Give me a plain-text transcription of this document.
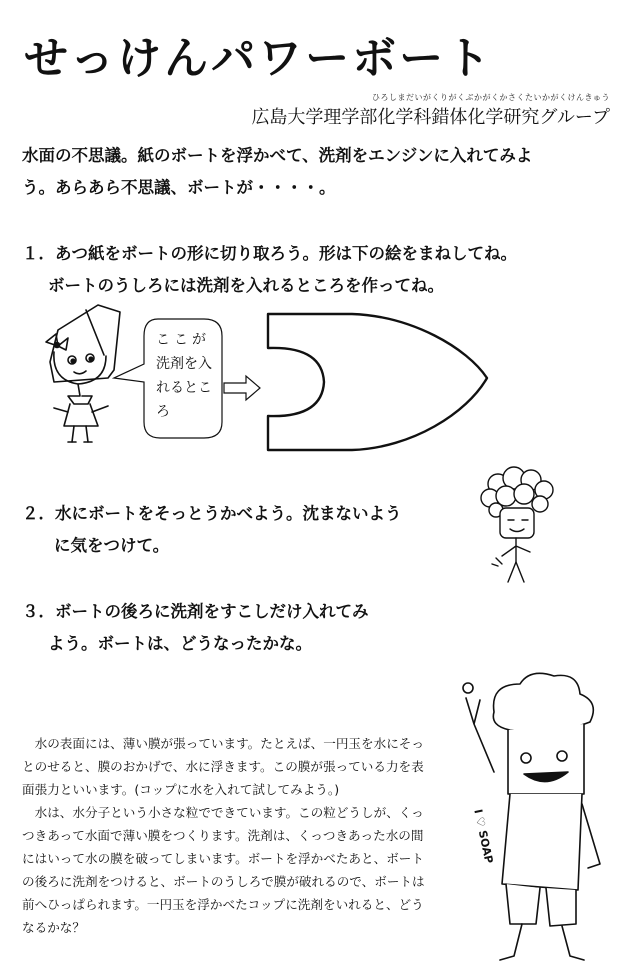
せっけんパワーボート
ひろしまだいがくりがくぶかがくかさくたいかがくけんきゅう
広島大学理学部化学科錯体化学研究グループ
水面の不思議。紙のボートを浮かべて、洗剤をエンジンに入れてみよ
う。あらあら不思議、ボートが・・・・。
１．あつ紙をボートの形に切り取ろう。形は下の絵をまねしてね。
ボートのうしろには洗剤を入れるところを作ってね。
ここが
洗剤を入
れるとこ
ろ
２．水にボートをそっとうかべよう。沈まないよう
に気をつけて。
３．ボートの後ろに洗剤をすこしだけ入れてみ
よう。ボートは、どうなったかな。
I ♡ SOAP

水の表面には、薄い膜が張っています。たとえば、一円玉を水にそっとのせると、膜のおかげで、水に浮きます。この膜が張っている力を表面張力といいます。(コップに水を入れて試してみよう。)

水は、水分子という小さな粒でできています。この粒どうしが、くっつきあって水面で薄い膜をつくります。洗剤は、くっつきあった水の間にはいって水の膜を破ってしまいます。ボートを浮かべたあと、ボートの後ろに洗剤をつけると、ボートのうしろで膜が破れるので、ボートは前へひっぱられます。一円玉を浮かべたコップに洗剤をいれると、どうなるかな？
